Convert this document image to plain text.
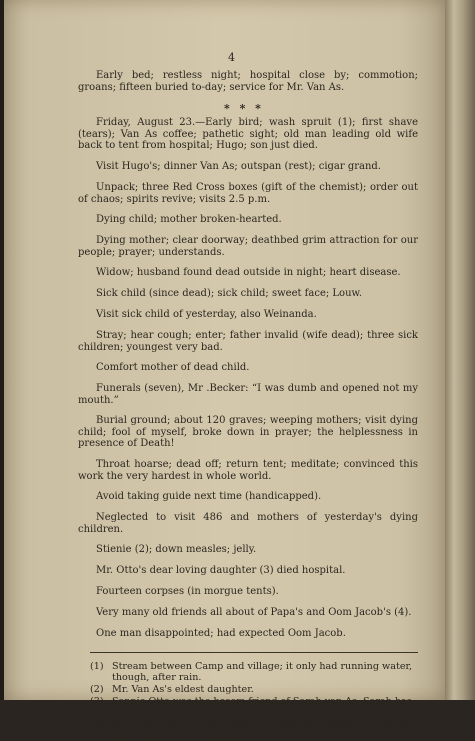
4
Early bed; restless night; hospital close by; commotion; groans; fifteen buried to-day; service for Mr. Van As.
* * *
Friday, August 23.—Early bird; wash spruit (1); first shave (tears); Van As coffee; pathetic sight; old man leading old wife back to tent from hospital; Hugo; son just died.
Visit Hugo's; dinner Van As; outspan (rest); cigar grand.
Unpack; three Red Cross boxes (gift of the chemist); order out of chaos; spirits revive; visits 2.5 p.m.
Dying child; mother broken-hearted.
Dying mother; clear doorway; deathbed grim attraction for our people; prayer; understands.
Widow; husband found dead outside in night; heart disease.
Sick child (since dead); sick child; sweet face; Louw.
Visit sick child of yesterday, also Weinanda.
Stray; hear cough; enter; father invalid (wife dead); three sick children; youngest very bad.
Comfort mother of dead child.
Funerals (seven), Mr .Becker: “I was dumb and opened not my mouth.”
Burial ground; about 120 graves; weeping mothers; visit dying child; fool of myself, broke down in prayer; the helplessness in presence of Death!
Throat hoarse; dead off; return tent; meditate; convinced this work the very hardest in whole world.
Avoid taking guide next time (handicapped).
Neglected to visit 486 and mothers of yesterday's dying children.
Stienie (2); down measles; jelly.
Mr. Otto's dear loving daughter (3) died hospital.
Fourteen corpses (in morgue tents).
Very many old friends all about of Papa's and Oom Jacob's (4).
One man disappointed; had expected Oom Jacob.
(1) Stream between Camp and village; it only had running water, though, after rain.
(2) Mr. Van As's eldest daughter.
(3) Sannie Otto was the bosom friend of Sarah van As. Sarah has since died.
(4) My father was for many years minister at Colesberg, and my uncle again at Fauresmith.
